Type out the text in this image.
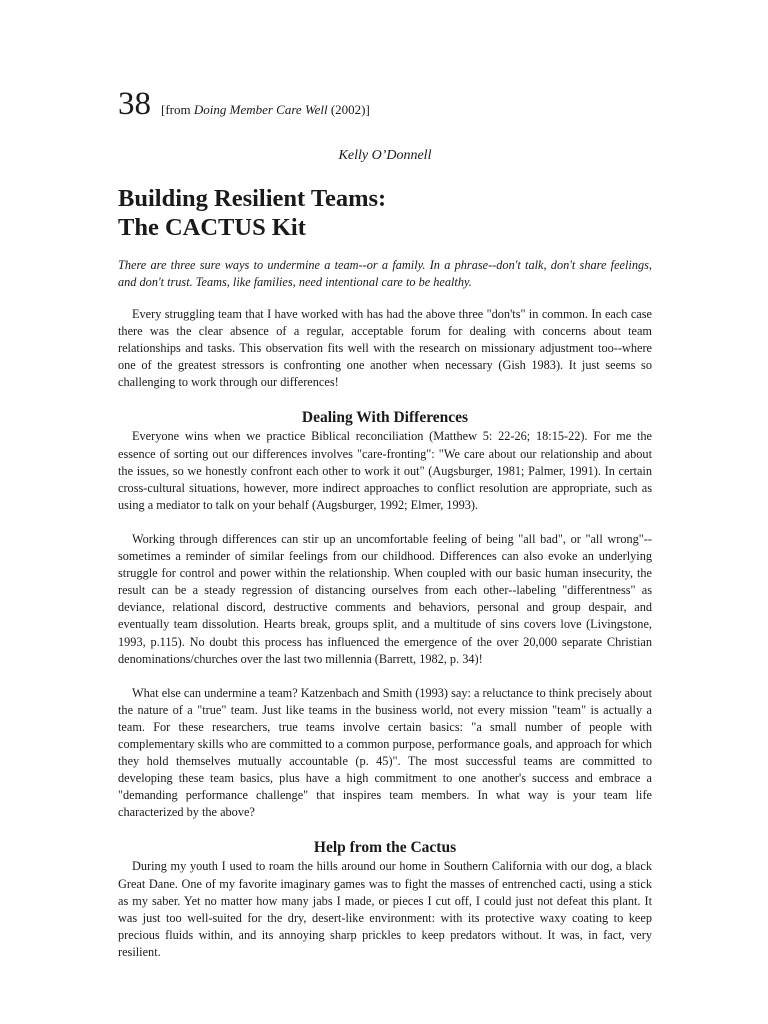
38 [from Doing Member Care Well (2002)]
Kelly O’Donnell
Building Resilient Teams:
The CACTUS Kit

There are three sure ways to undermine a team--or a family. In a phrase--don't talk, don't share feelings, and don't trust. Teams, like families, need intentional care to be healthy.

Every struggling team that I have worked with has had the above three "don'ts" in common. In each case there was the clear absence of a regular, acceptable forum for dealing with concerns about team relationships and tasks. This observation fits well with the research on missionary adjustment too--where one of the greatest stressors is confronting one another when necessary (Gish 1983). It just seems so challenging to work through our differences!

Dealing With Differences

Everyone wins when we practice Biblical reconciliation (Matthew 5: 22-26; 18:15-22). For me the essence of sorting out our differences involves "care-fronting": "We care about our relationship and about the issues, so we honestly confront each other to work it out" (Augsburger, 1981; Palmer, 1991). In certain cross-cultural situations, however, more indirect approaches to conflict resolution are appropriate, such as using a mediator to talk on your behalf (Augsburger, 1992; Elmer, 1993).

Working through differences can stir up an uncomfortable feeling of being "all bad", or "all wrong"--sometimes a reminder of similar feelings from our childhood. Differences can also evoke an underlying struggle for control and power within the relationship. When coupled with our basic human insecurity, the result can be a steady regression of distancing ourselves from each other--labeling "differentness" as deviance, relational discord, destructive comments and behaviors, personal and group despair, and eventually team dissolution. Hearts break, groups split, and a multitude of sins covers love (Livingstone, 1993, p.115). No doubt this process has influenced the emergence of the over 20,000 separate Christian denominations/churches over the last two millennia (Barrett, 1982, p. 34)!

What else can undermine a team? Katzenbach and Smith (1993) say: a reluctance to think precisely about the nature of a "true" team. Just like teams in the business world, not every mission "team" is actually a team. For these researchers, true teams involve certain basics: "a small number of people with complementary skills who are committed to a common purpose, performance goals, and approach for which they hold themselves mutually accountable (p. 45)". The most successful teams are committed to developing these team basics, plus have a high commitment to one another's success and embrace a "demanding performance challenge" that inspires team members. In what way is your team life characterized by the above?

Help from the Cactus

During my youth I used to roam the hills around our home in Southern California with our dog, a black Great Dane. One of my favorite imaginary games was to fight the masses of entrenched cacti, using a stick as my saber. Yet no matter how many jabs I made, or pieces I cut off, I could just not defeat this plant. It was just too well-suited for the dry, desert-like environment: with its protective waxy coating to keep precious fluids within, and its annoying sharp prickles to keep predators without. It was, in fact, very resilient.
